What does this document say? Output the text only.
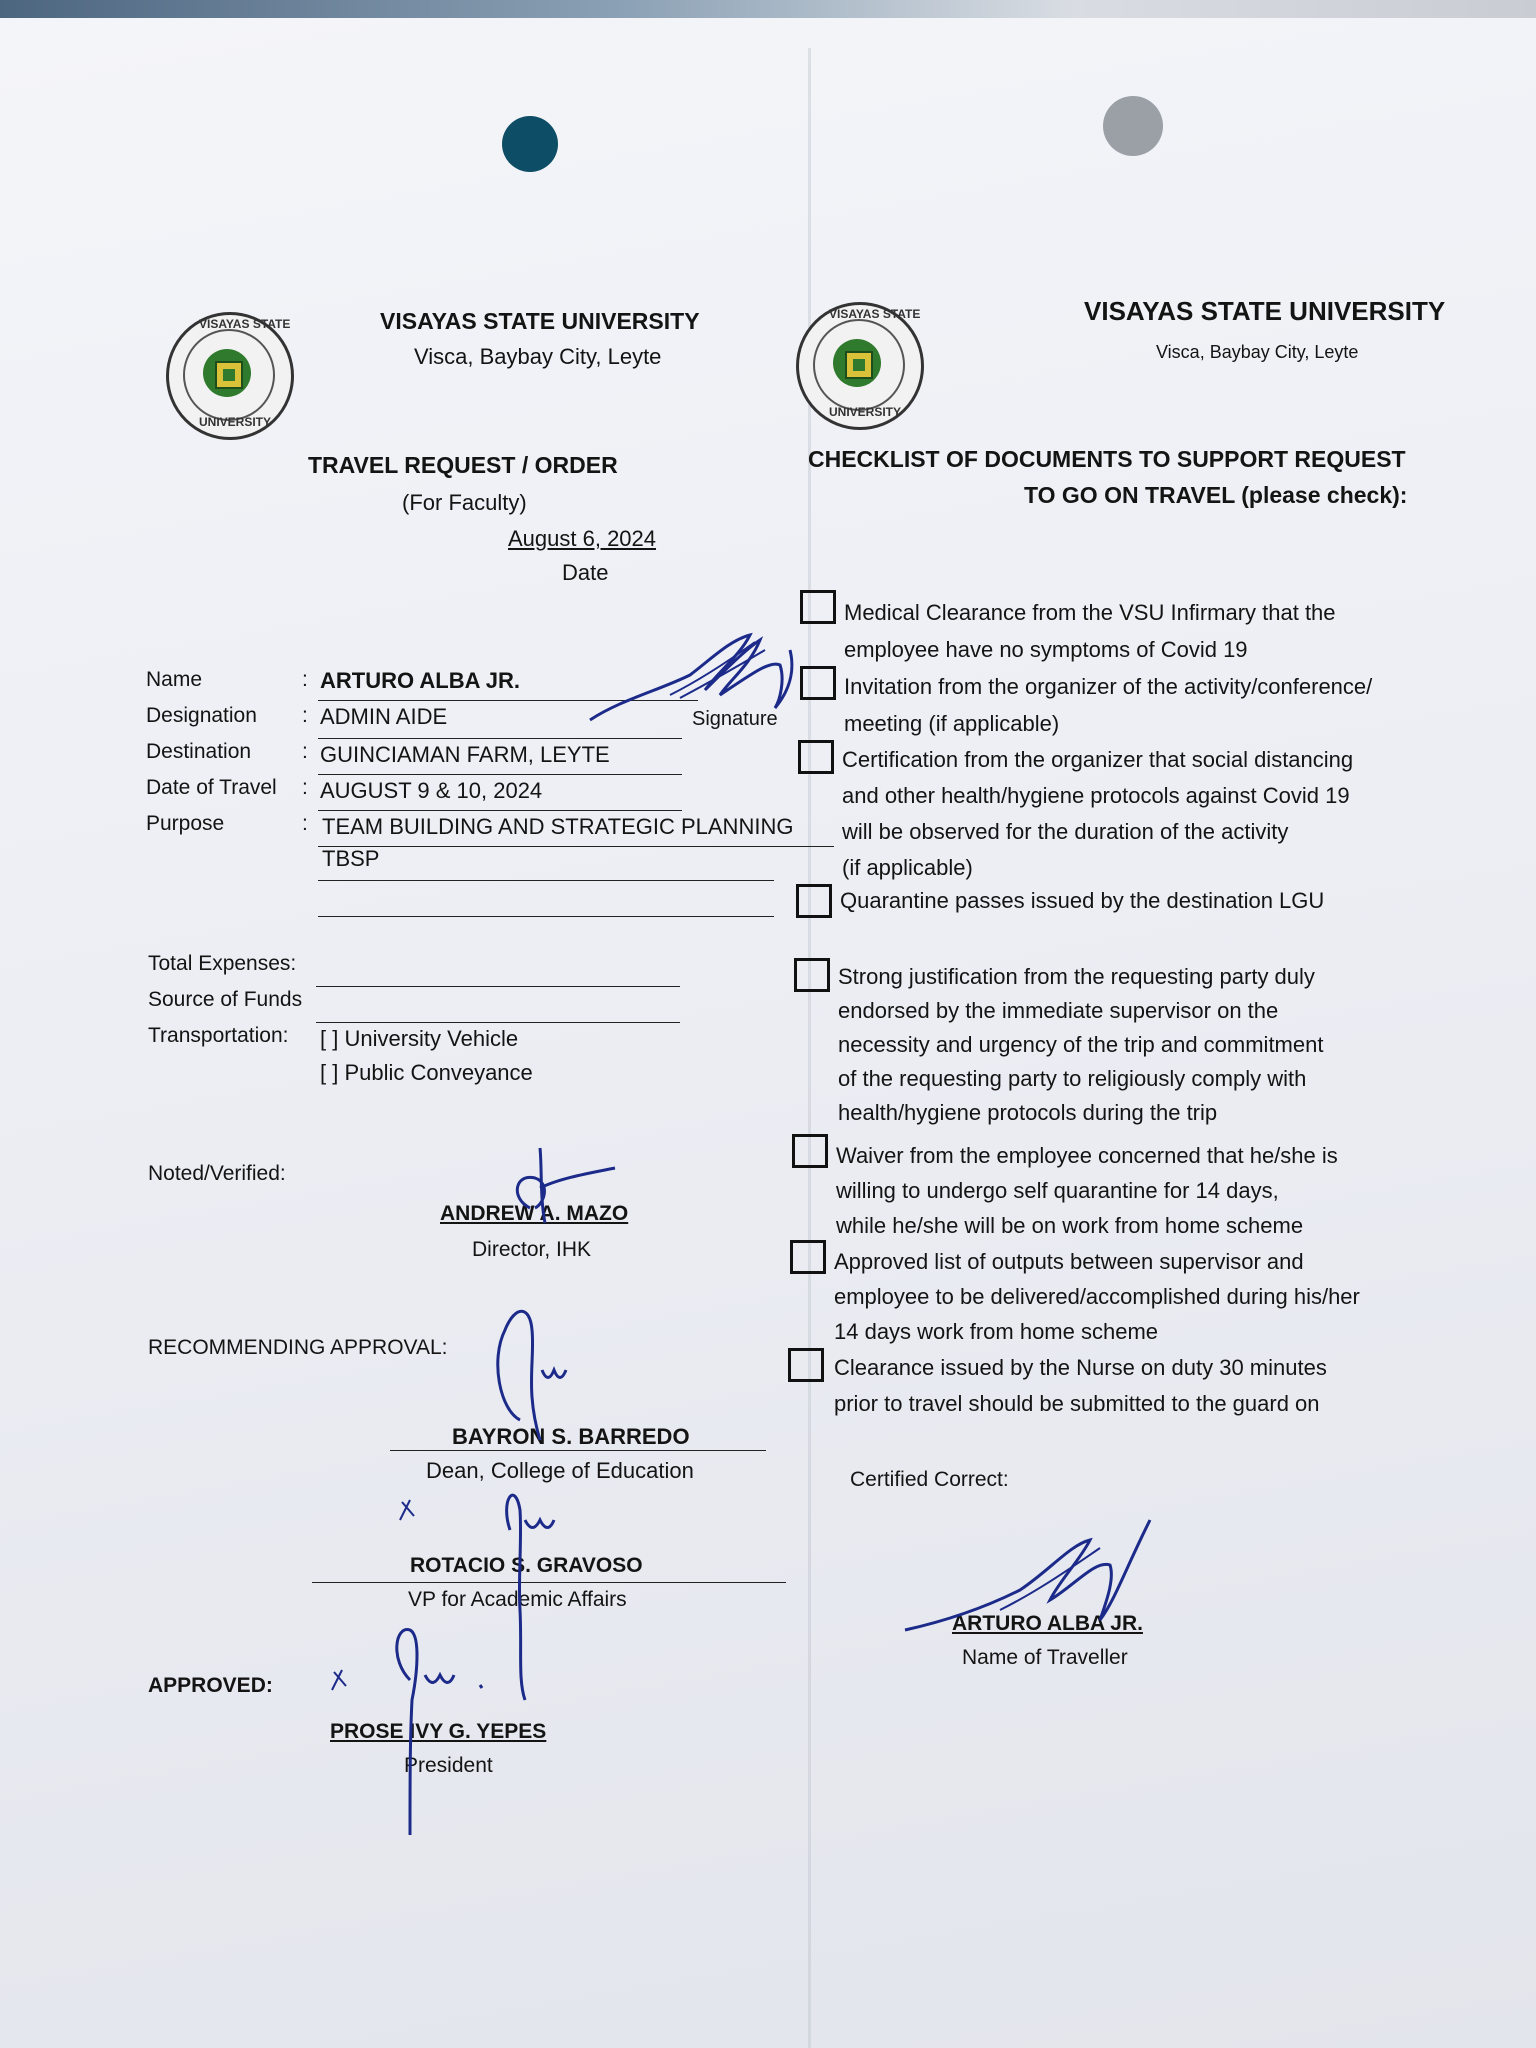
VISAYAS STATE
UNIVERSITY
VISAYAS STATE
UNIVERSITY
VISAYAS STATE UNIVERSITY
Visca, Baybay City, Leyte
TRAVEL REQUEST / ORDER
(For Faculty)
August 6, 2024
Date
VISAYAS STATE UNIVERSITY
Visca, Baybay City, Leyte
CHECKLIST OF DOCUMENTS TO SUPPORT REQUEST
TO GO ON TRAVEL (please check):
Name	: ARTURO ALBA JR.
Signature
Designation : ADMIN AIDE
Destination : GUINCIAMAN FARM, LEYTE
Date of Travel : AUGUST 9 & 10, 2024
Purpose	: TEAM BUILDING AND STRATEGIC PLANNING
TBSP
Total Expenses:
Source of Funds
Transportation: [ ] University Vehicle
[ ] Public Conveyance
Noted/Verified:
ANDREW A. MAZO
Director, IHK
RECOMMENDING APPROVAL:
BAYRON S. BARREDO
Dean, College of Education
ROTACIO S. GRAVOSO
VP for Academic Affairs
APPROVED:
PROSE IVY G. YEPES
President
Medical Clearance from the VSU Infirmary that the
employee have no symptoms of Covid 19
Invitation from the organizer of the activity/conference/
meeting (if applicable)
Certification from the organizer that social distancing
and other health/hygiene protocols against Covid 19
will be observed for the duration of the activity
(if applicable)
Quarantine passes issued by the destination LGU
Strong justification from the requesting party duly
endorsed by the immediate supervisor on the
necessity and urgency of the trip and commitment
of the requesting party to religiously comply with
health/hygiene protocols during the trip
Waiver from the employee concerned that he/she is
willing to undergo self quarantine for 14 days,
while he/she will be on work from home scheme
Approved list of outputs between supervisor and
employee to be delivered/accomplished during his/her
14 days work from home scheme
Clearance issued by the Nurse on duty 30 minutes
prior to travel should be submitted to the guard on
Certified Correct:
ARTURO ALBA JR.
Name of Traveller
